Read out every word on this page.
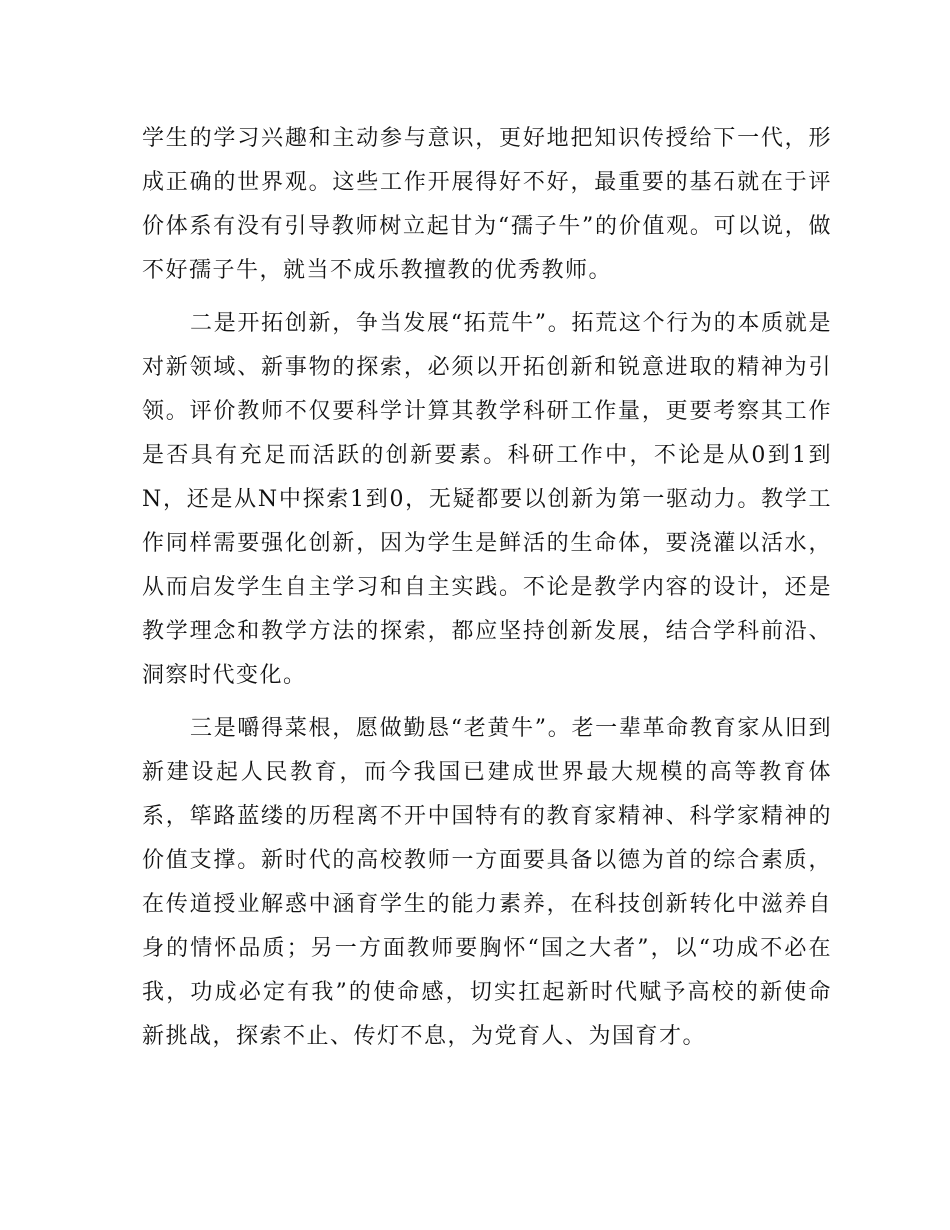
学生的学习兴趣和主动参与意识，更好地把知识传授给下一代，形成正确的世界观。这些工作开展得好不好，最重要的基石就在于评价体系有没有引导教师树立起甘为“孺子牛”的价值观。可以说，做不好孺子牛，就当不成乐教擅教的优秀教师。

二是开拓创新，争当发展“拓荒牛”。拓荒这个行为的本质就是对新领域、新事物的探索，必须以开拓创新和锐意进取的精神为引领。评价教师不仅要科学计算其教学科研工作量，更要考察其工作是否具有充足而活跃的创新要素。科研工作中，不论是从0到1到N，还是从N中探索1到0，无疑都要以创新为第一驱动力。教学工作同样需要强化创新，因为学生是鲜活的生命体，要浇灌以活水，从而启发学生自主学习和自主实践。不论是教学内容的设计，还是教学理念和教学方法的探索，都应坚持创新发展，结合学科前沿、洞察时代变化。

三是嚼得菜根，愿做勤恳“老黄牛”。老一辈革命教育家从旧到新建设起人民教育，而今我国已建成世界最大规模的高等教育体系，筚路蓝缕的历程离不开中国特有的教育家精神、科学家精神的价值支撑。新时代的高校教师一方面要具备以德为首的综合素质，在传道授业解惑中涵育学生的能力素养，在科技创新转化中滋养自身的情怀品质；另一方面教师要胸怀“国之大者”，以“功成不必在我，功成必定有我”的使命感，切实扛起新时代赋予高校的新使命新挑战，探索不止、传灯不息，为党育人、为国育才。
